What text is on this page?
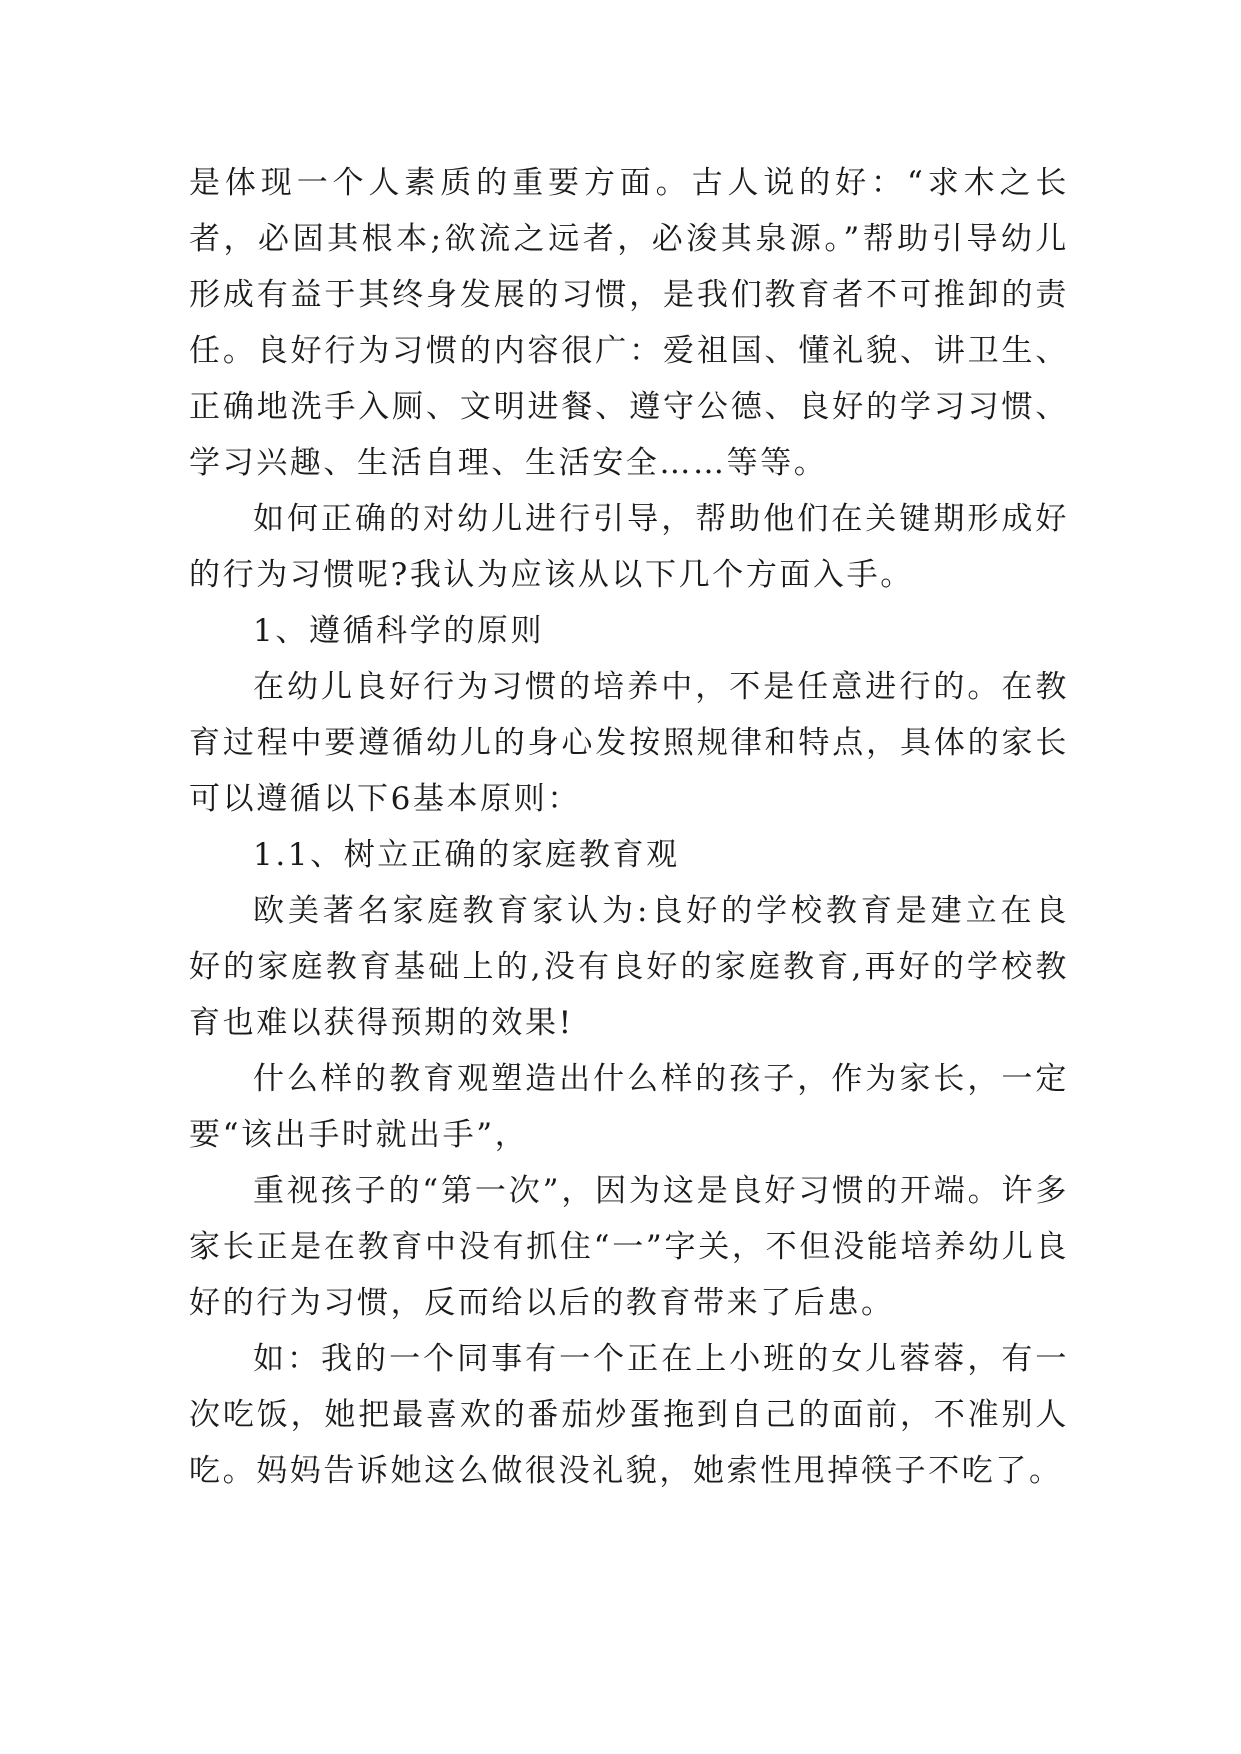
是体现一个人素质的重要方面。古人说的好：“求木之长者，必固其根本;欲流之远者，必浚其泉源。”帮助引导幼儿形成有益于其终身发展的习惯，是我们教育者不可推卸的责任。良好行为习惯的内容很广：爱祖国、懂礼貌、讲卫生、正确地洗手入厕、文明进餐、遵守公德、良好的学习习惯、学习兴趣、生活自理、生活安全……等等。

如何正确的对幼儿进行引导，帮助他们在关键期形成好的行为习惯呢?我认为应该从以下几个方面入手。

1、遵循科学的原则

在幼儿良好行为习惯的培养中，不是任意进行的。在教育过程中要遵循幼儿的身心发按照规律和特点，具体的家长可以遵循以下6基本原则：

1.1、树立正确的家庭教育观

欧美著名家庭教育家认为:良好的学校教育是建立在良好的家庭教育基础上的,没有良好的家庭教育,再好的学校教育也难以获得预期的效果!

什么样的教育观塑造出什么样的孩子，作为家长，一定要“该出手时就出手”，

重视孩子的“第一次”，因为这是良好习惯的开端。许多家长正是在教育中没有抓住“一”字关，不但没能培养幼儿良好的行为习惯，反而给以后的教育带来了后患。

如：我的一个同事有一个正在上小班的女儿蓉蓉，有一次吃饭，她把最喜欢的番茄炒蛋拖到自己的面前，不准别人吃。妈妈告诉她这么做很没礼貌，她索性甩掉筷子不吃了。
